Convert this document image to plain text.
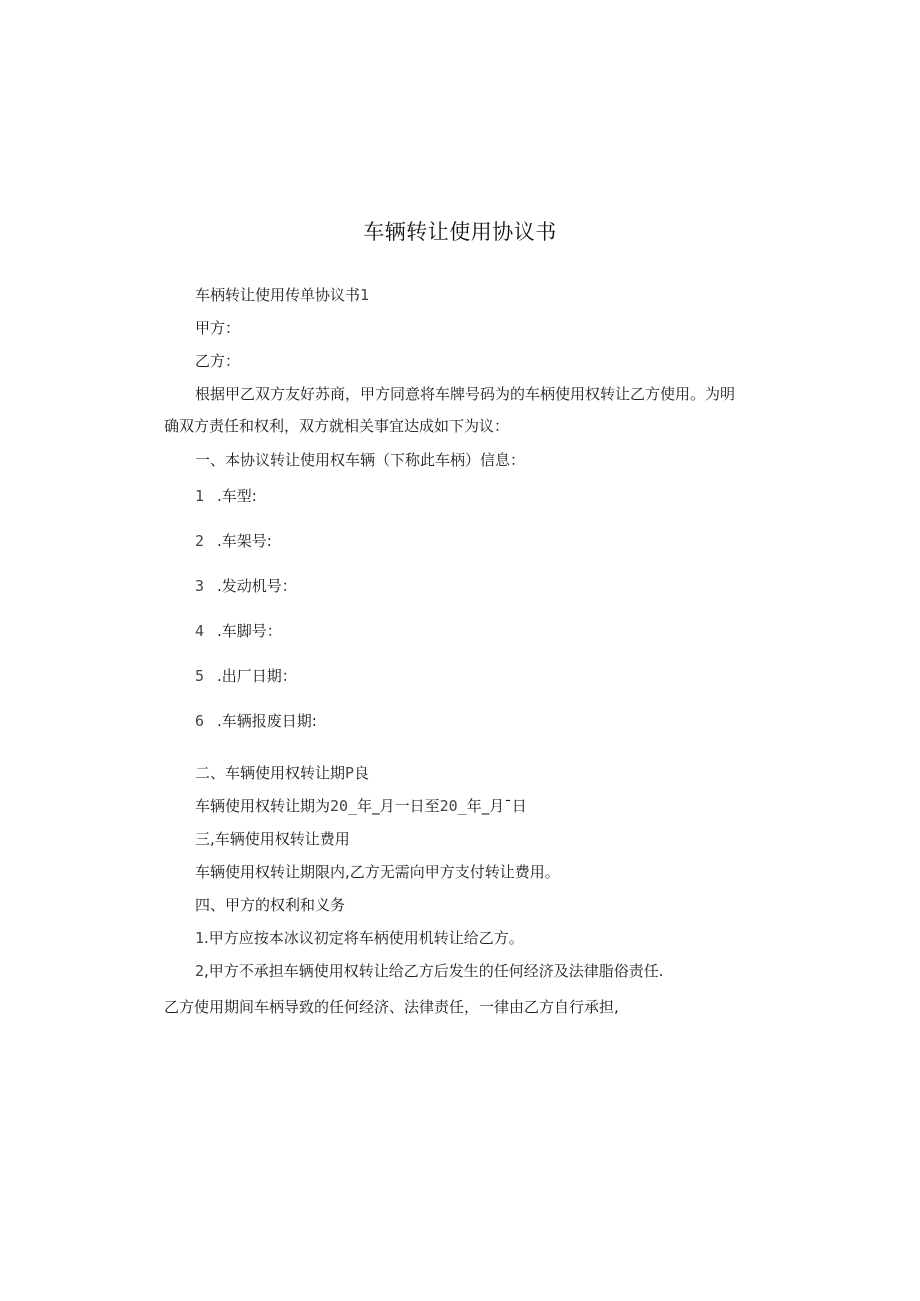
车辆转让使用协议书
车柄转让使用传单协议书1
甲方：
乙方：
根据甲乙双方友好苏商，甲方同意将车牌号码为的车柄使用权转让乙方使用。为明
确双方责任和权利，双方就相关事宜达成如下为议：
一、本协议转让使用权车辆（下称此车柄）信息：
1 .车型:
2 .车架号:
3 .发动机号：
4 .车脚号：
5 .出厂日期：
6 .车辆报废日期:
二、车辆使用权转让期P良
车辆使用权转让期为20_年_月一日至20_年_月¯日
三,车辆使用权转让费用
车辆使用权转让期限内,乙方无需向甲方支付转让费用。
四、甲方的权利和义务
1.甲方应按本冰议初定将车柄使用机转让给乙方。
2,甲方不承担车辆使用权转让给乙方后发生的任何经济及法律脂俗责任.
乙方使用期间车柄导致的任何经济、法律责任，一律由乙方自行承担,
